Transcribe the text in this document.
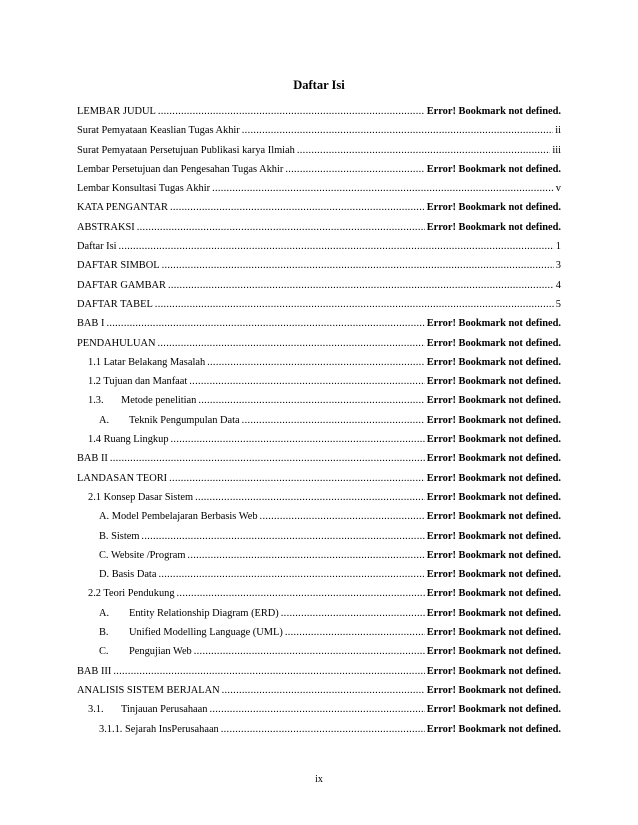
Daftar Isi
LEMBAR JUDUL .....	Error! Bookmark not defined.
Surat Pemyataan Keaslian Tugas Akhir .....	ii
Surat Pemyataan Persetujuan Publikasi karya Ilmiah .....	iii
Lembar Persetujuan dan Pengesahan Tugas Akhir .....	Error! Bookmark not defined.
Lembar Konsultasi Tugas Akhir .....	v
KATA PENGANTAR .....	Error! Bookmark not defined.
ABSTRAKSI .....	Error! Bookmark not defined.
Daftar Isi .....	1
DAFTAR SIMBOL .....	3
DAFTAR GAMBAR .....	4
DAFTAR TABEL .....	5
BAB I .....	Error! Bookmark not defined.
PENDAHULUAN .....	Error! Bookmark not defined.
1.1 Latar Belakang Masalah .....	Error! Bookmark not defined.
1.2 Tujuan dan Manfaat .....	Error! Bookmark not defined.
1.3. Metode penelitian .....	Error! Bookmark not defined.
A. Teknik Pengumpulan Data .....	Error! Bookmark not defined.
1.4 Ruang Lingkup .....	Error! Bookmark not defined.
BAB II .....	Error! Bookmark not defined.
LANDASAN TEORI .....	Error! Bookmark not defined.
2.1 Konsep Dasar Sistem .....	Error! Bookmark not defined.
A. Model Pembelajaran Berbasis Web .....	Error! Bookmark not defined.
B. Sistem .....	Error! Bookmark not defined.
C. Website /Program .....	Error! Bookmark not defined.
D. Basis Data .....	Error! Bookmark not defined.
2.2 Teori Pendukung .....	Error! Bookmark not defined.
A. Entity Relationship Diagram (ERD) .....	Error! Bookmark not defined.
B. Unified Modelling Language (UML) .....	Error! Bookmark not defined.
C. Pengujian Web .....	Error! Bookmark not defined.
BAB III .....	Error! Bookmark not defined.
ANALISIS SISTEM BERJALAN .....	Error! Bookmark not defined.
3.1. Tinjauan Perusahaan .....	Error! Bookmark not defined.
3.1.1. Sejarah InsPerusahaan .....	Error! Bookmark not defined.
ix
